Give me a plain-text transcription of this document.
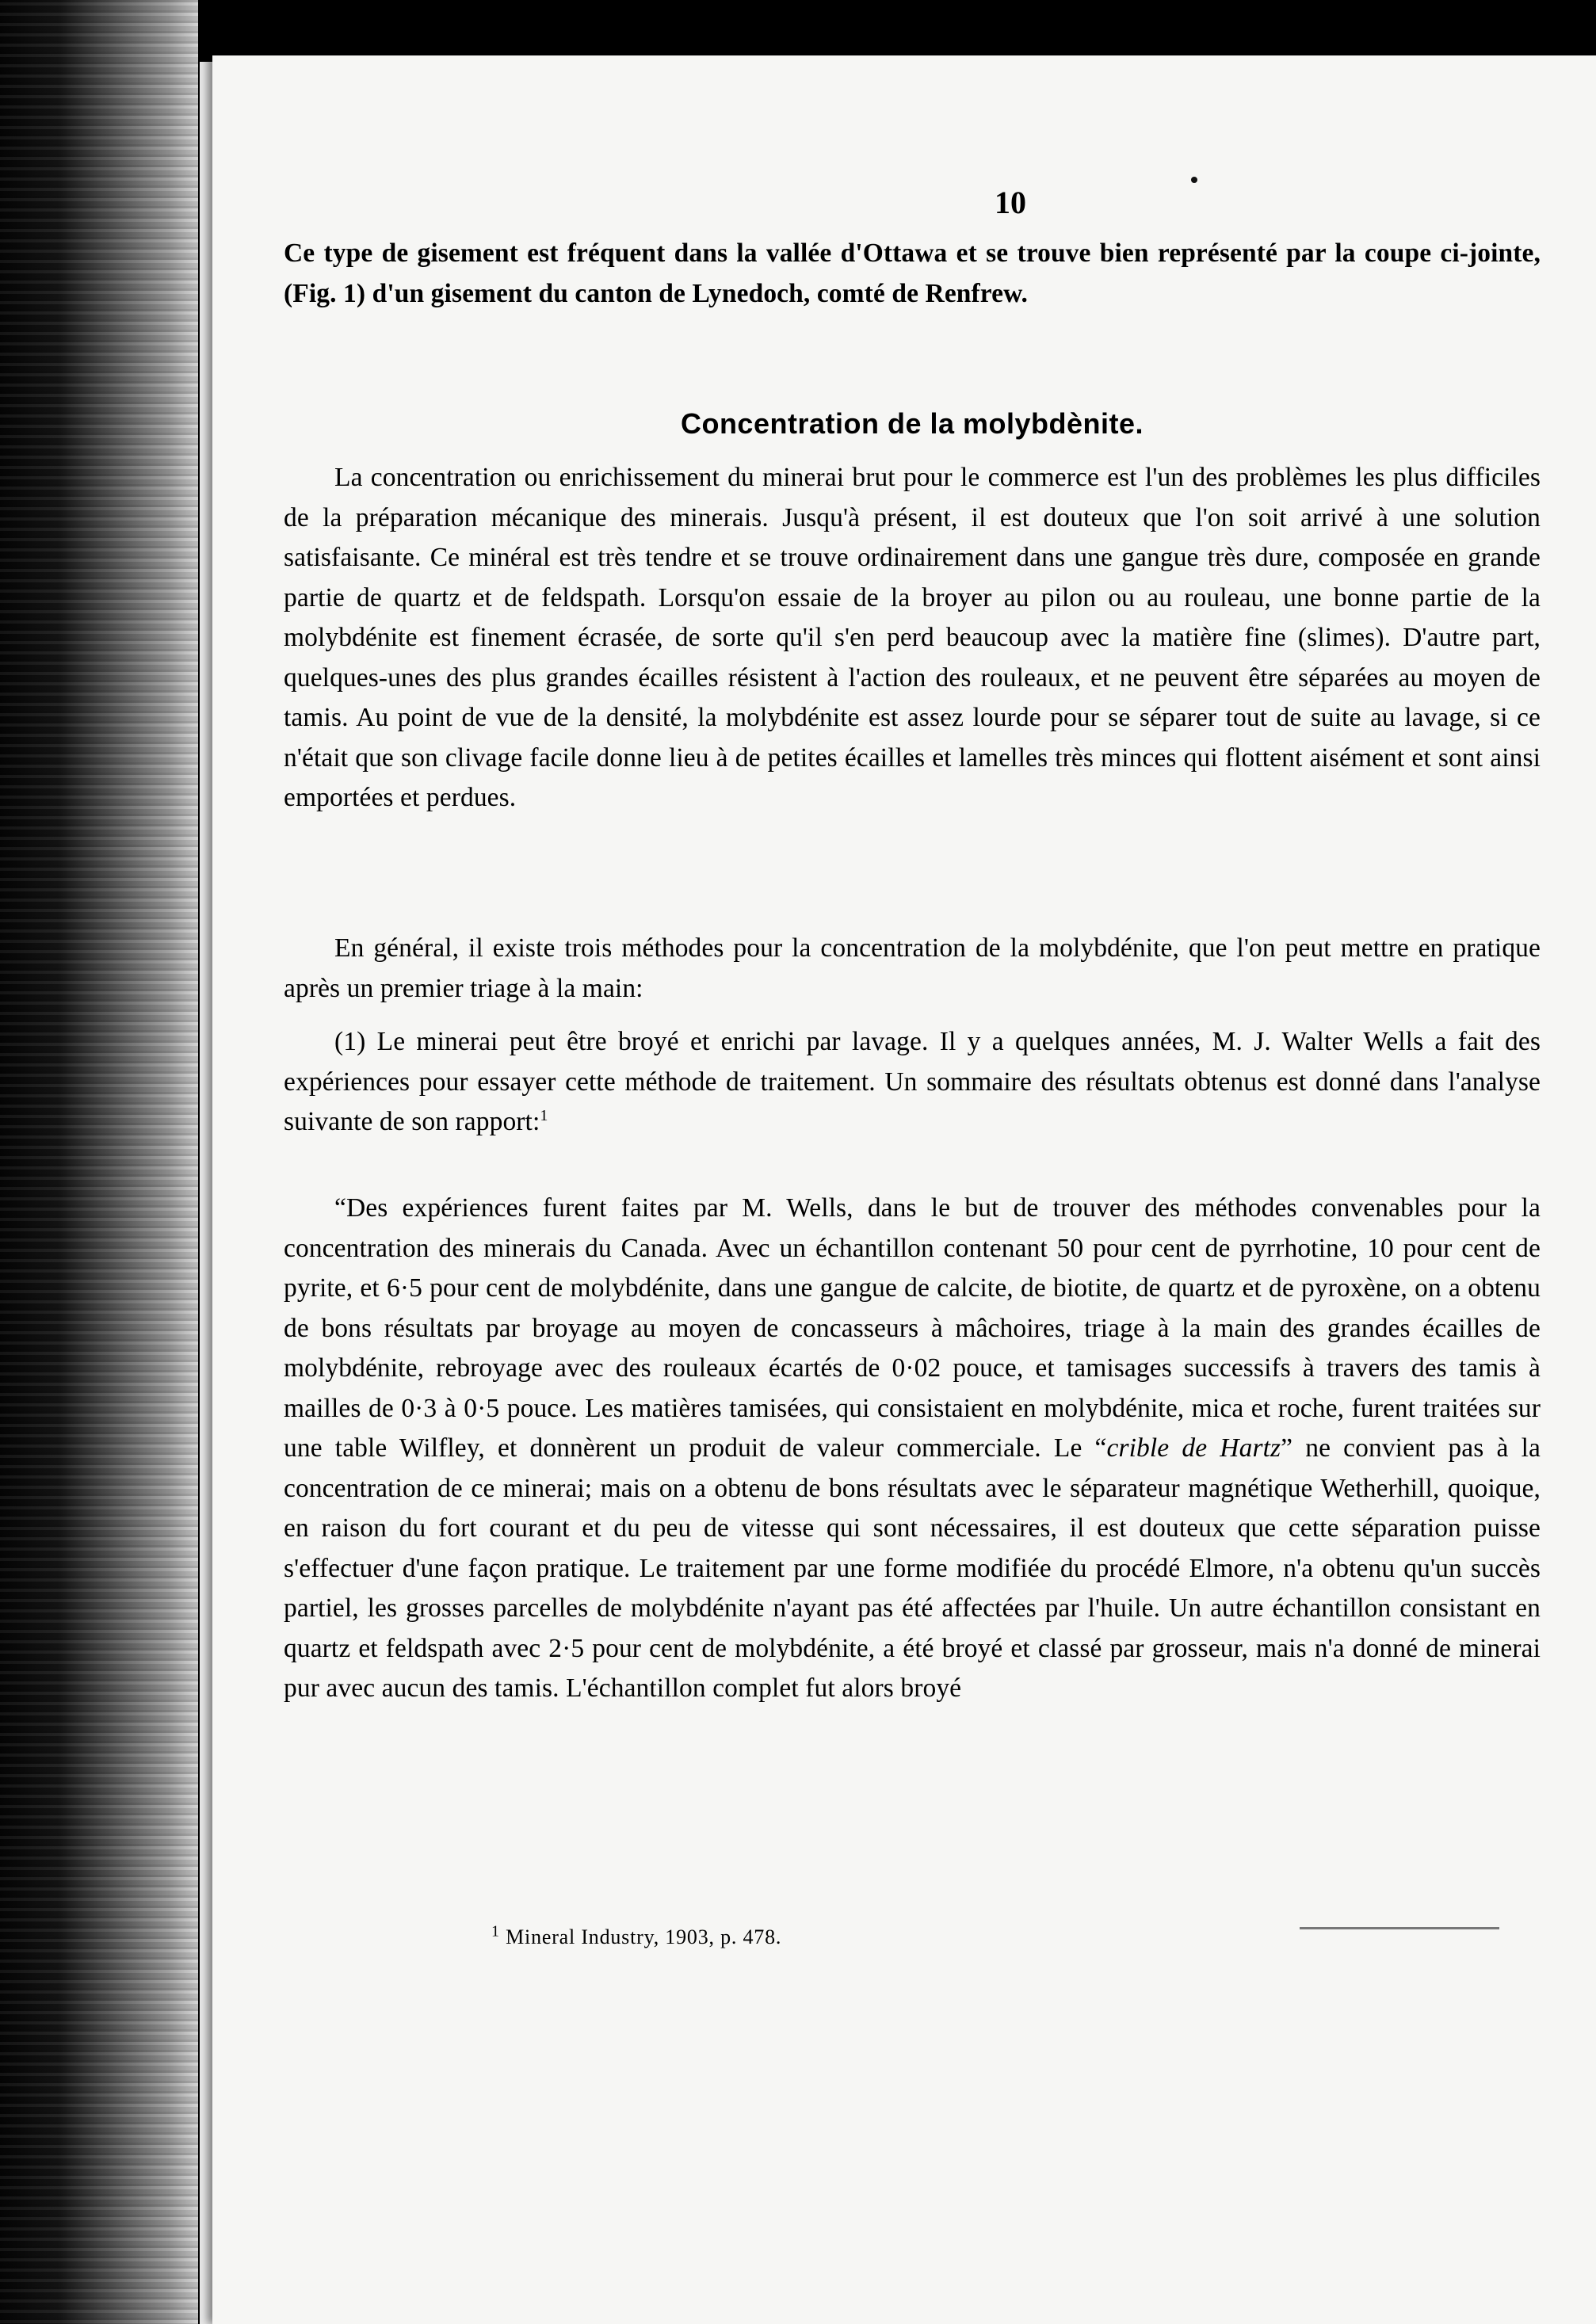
10
Ce type de gisement est fréquent dans la vallée d'Ottawa et se trouve bien représenté par la coupe ci-jointe, (Fig. 1) d'un gisement du canton de Lynedoch, comté de Renfrew.
Concentration de la molybdènite.
La concentration ou enrichissement du minerai brut pour le commerce est l'un des problèmes les plus difficiles de la préparation mécanique des minerais. Jusqu'à présent, il est douteux que l'on soit arrivé à une solution satisfaisante. Ce minéral est très tendre et se trouve ordinairement dans une gangue très dure, composée en grande partie de quartz et de feldspath. Lorsqu'on essaie de la broyer au pilon ou au rouleau, une bonne partie de la molybdénite est finement écrasée, de sorte qu'il s'en perd beaucoup avec la matière fine (slimes). D'autre part, quelques-unes des plus grandes écailles résistent à l'action des rouleaux, et ne peuvent être séparées au moyen de tamis. Au point de vue de la densité, la molybdénite est assez lourde pour se séparer tout de suite au lavage, si ce n'était que son clivage facile donne lieu à de petites écailles et lamelles très minces qui flottent aisément et sont ainsi emportées et perdues.
En général, il existe trois méthodes pour la concentration de la molybdénite, que l'on peut mettre en pratique après un premier triage à la main:
(1) Le minerai peut être broyé et enrichi par lavage. Il y a quelques années, M. J. Walter Wells a fait des expériences pour essayer cette méthode de traitement. Un sommaire des résultats obtenus est donné dans l'analyse suivante de son rapport:$^1$
“Des expériences furent faites par M. Wells, dans le but de trouver des méthodes convenables pour la concentration des minerais du Canada. Avec un échantillon contenant 50 pour cent de pyrrhotine, 10 pour cent de pyrite, et 6·5 pour cent de molybdénite, dans une gangue de calcite, de biotite, de quartz et de pyroxène, on a obtenu de bons résultats par broyage au moyen de concasseurs à mâchoires, triage à la main des grandes écailles de molybdénite, rebroyage avec des rouleaux écartés de 0·02 pouce, et tamisages successifs à travers des tamis à mailles de 0·3 à 0·5 pouce. Les matières tamisées, qui consistaient en molybdénite, mica et roche, furent traitées sur une table Wilfley, et donnèrent un produit de valeur commerciale. Le “crible de Hartz” ne convient pas à la concentration de ce minerai; mais on a obtenu de bons résultats avec le séparateur magnétique Wetherhill, quoique, en raison du fort courant et du peu de vitesse qui sont nécessaires, il est douteux que cette séparation puisse s'effectuer d'une façon pratique. Le traitement par une forme modifiée du procédé Elmore, n'a obtenu qu'un succès partiel, les grosses parcelles de molybdénite n'ayant pas été affectées par l'huile. Un autre échantillon consistant en quartz et feldspath avec 2·5 pour cent de molybdénite, a été broyé et classé par grosseur, mais n'a donné de minerai pur avec aucun des tamis. L'échantillon complet fut alors broyé
$^1$ Mineral Industry, 1903, p. 478.
